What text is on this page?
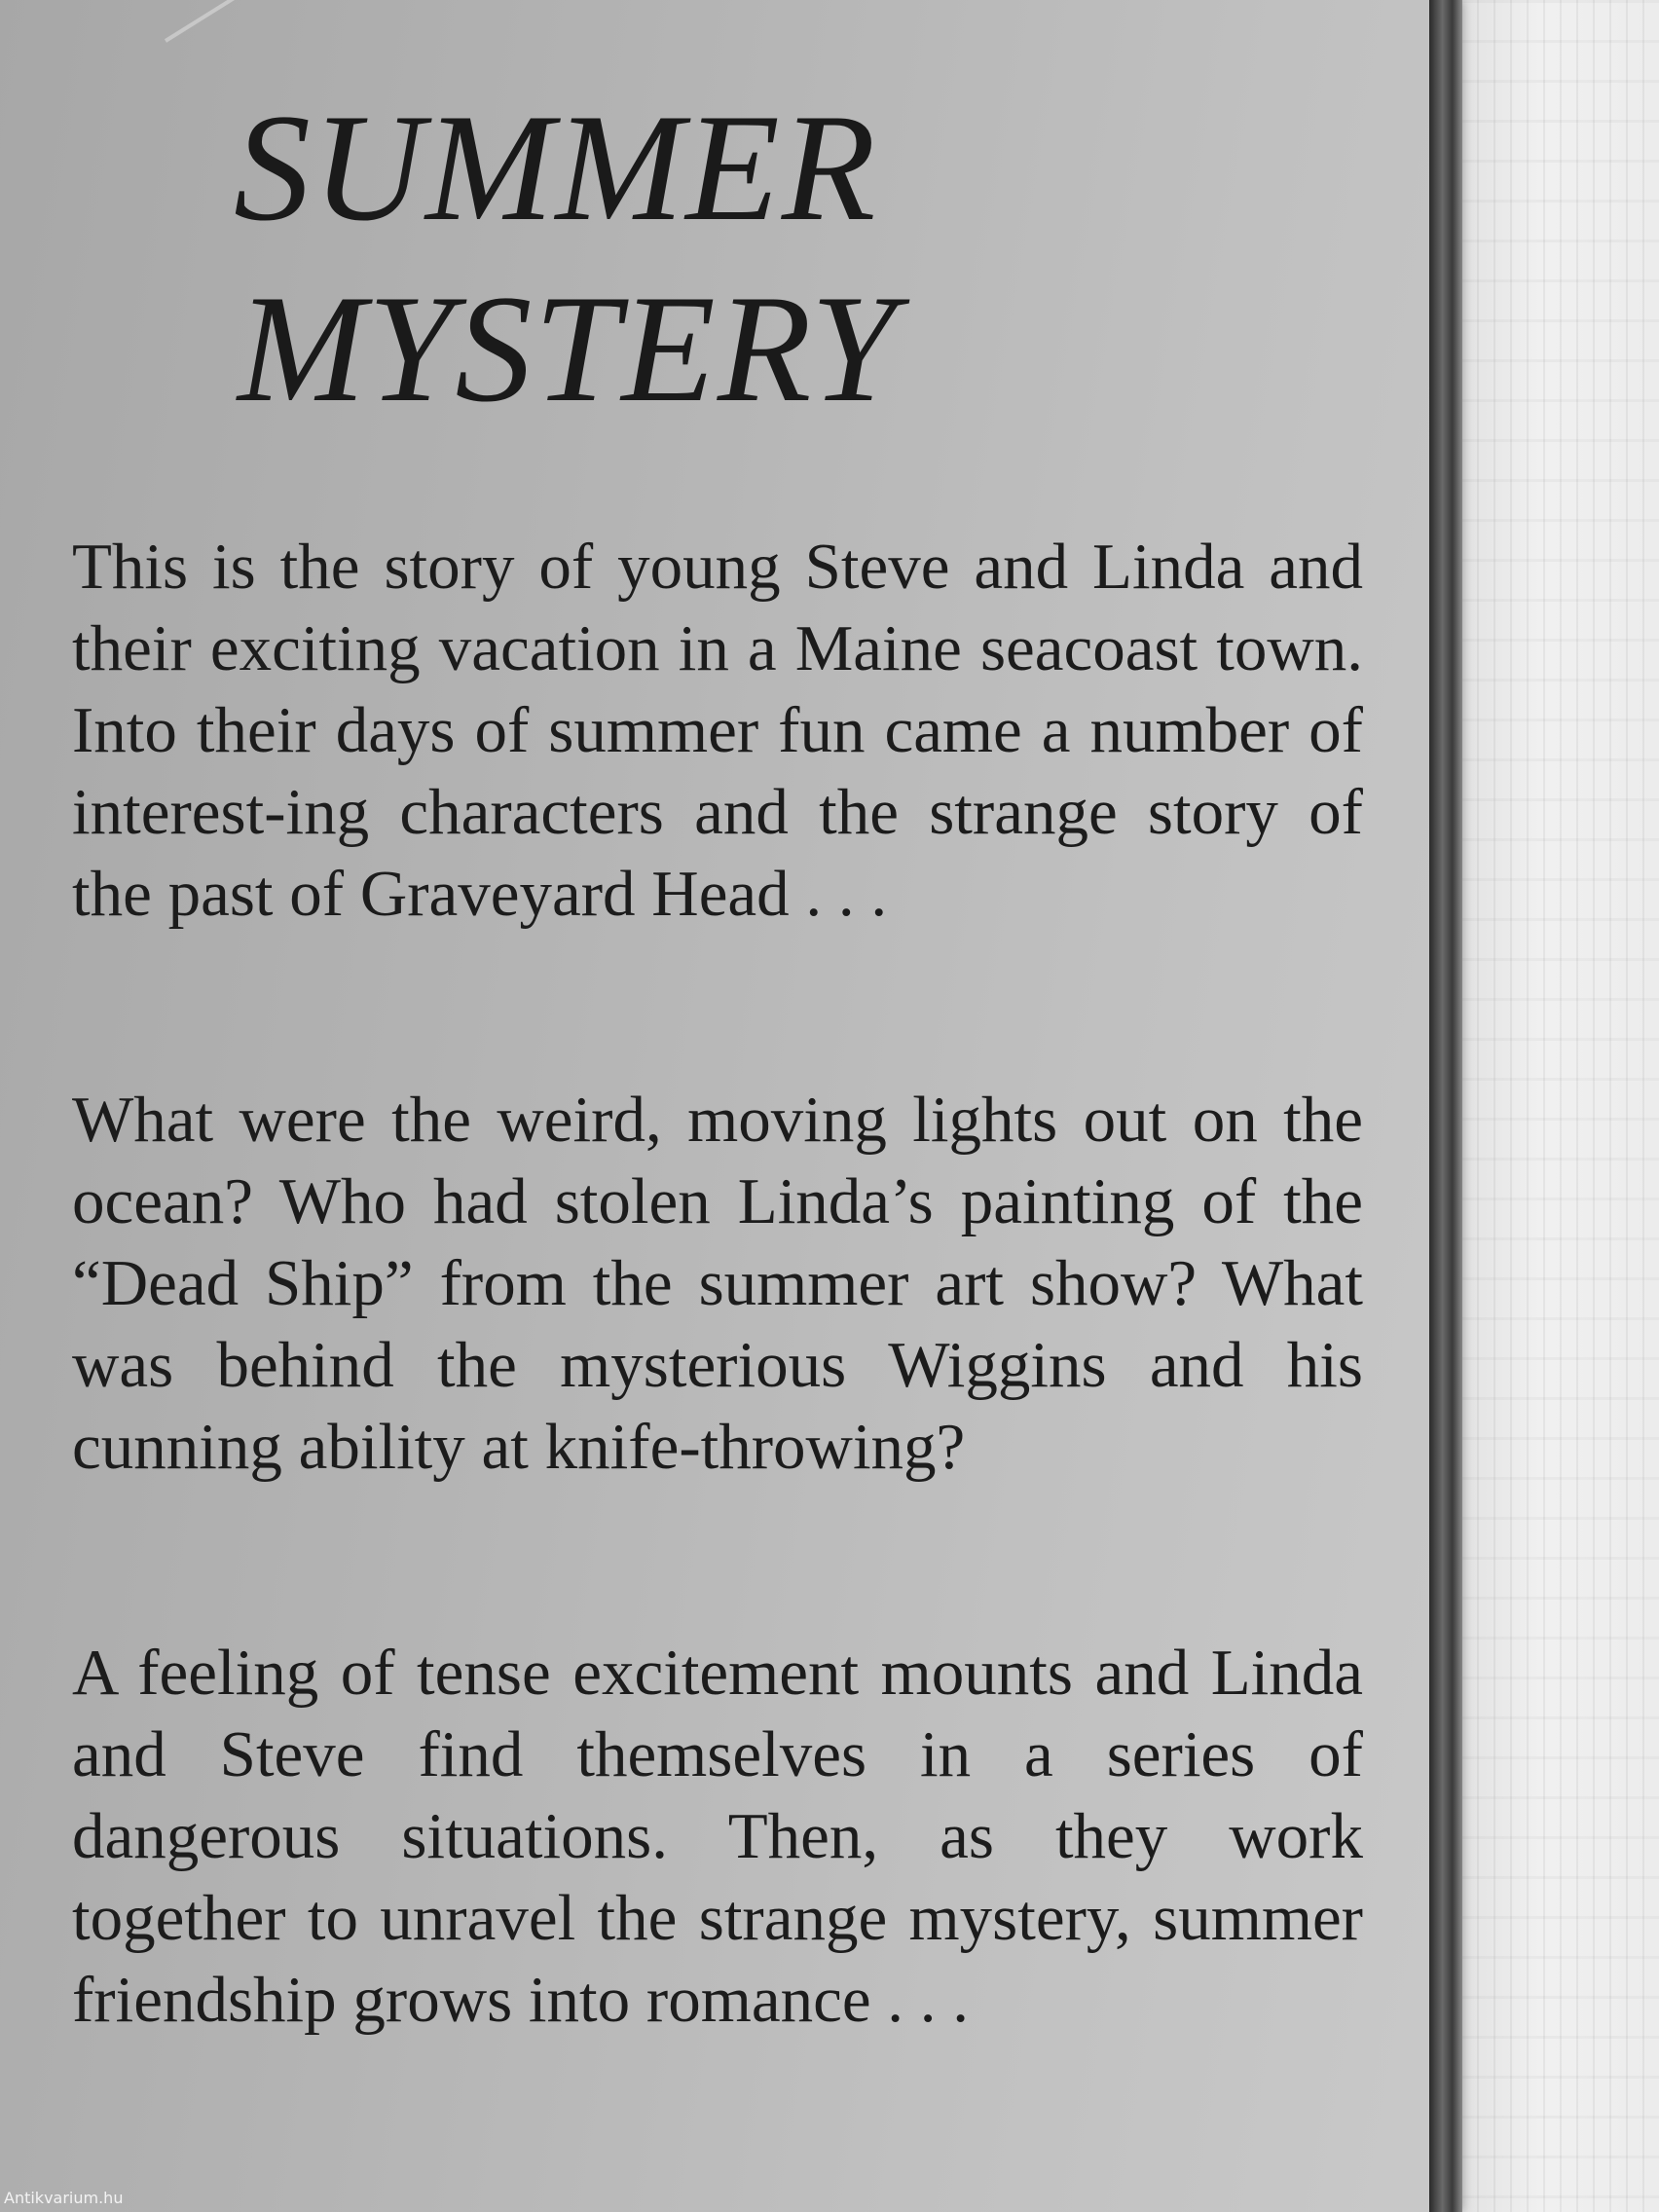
SUMMER
MYSTERY

This is the story of young Steve and Linda and their exciting vacation in a Maine seacoast town. Into their days of summer fun came a number of interest-ing characters and the strange story of the past of Graveyard Head . . .

What were the weird, moving lights out on the ocean? Who had stolen Linda’s painting of the “Dead Ship” from the summer art show? What was behind the mysterious Wiggins and his cunning ability at knife-throwing?

A feeling of tense excitement mounts and Linda and Steve find themselves in a series of dangerous situations. Then, as they work together to unravel the strange mystery, summer friendship grows into romance . . .

Antikvarium.hu
